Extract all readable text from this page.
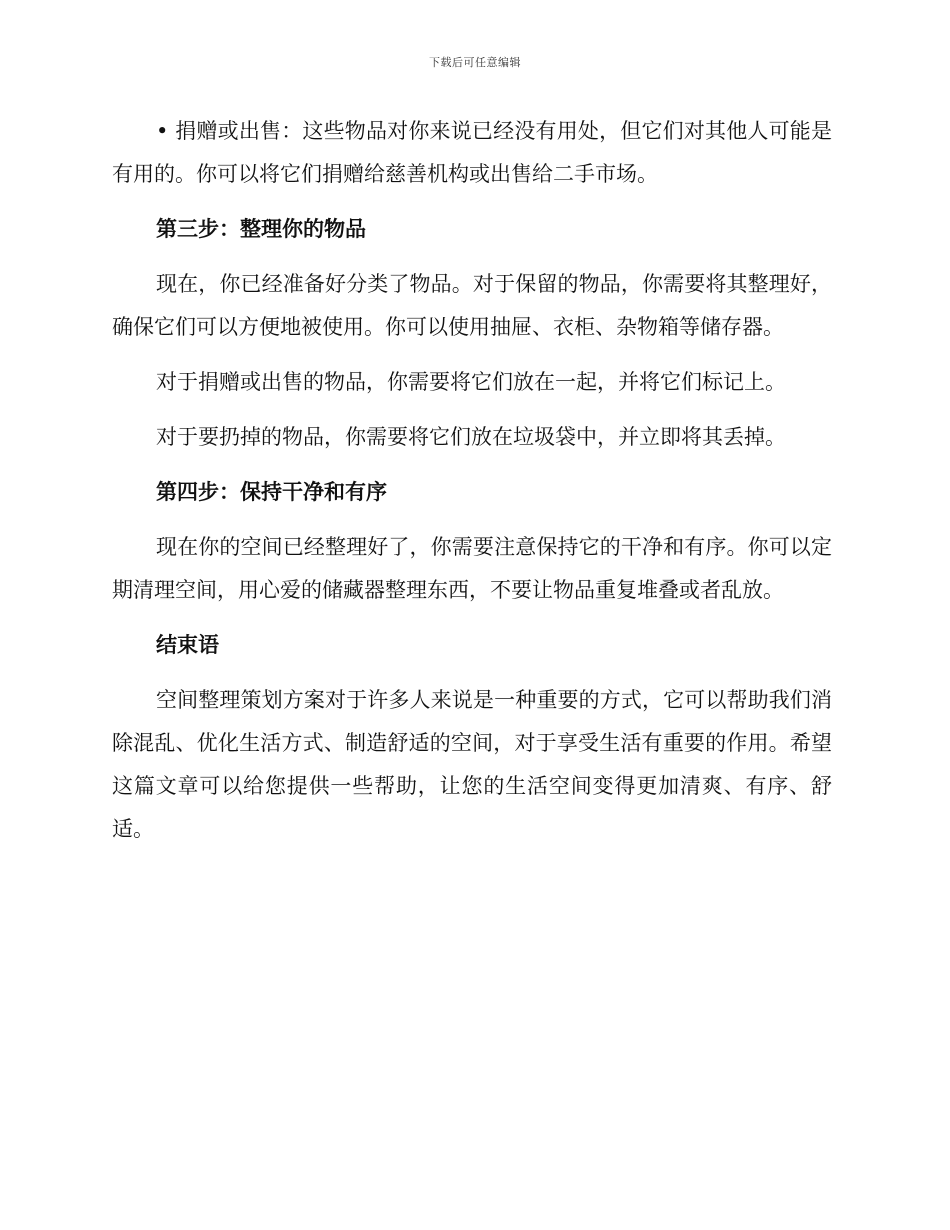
下载后可任意编辑

• 捐赠或出售：这些物品对你来说已经没有用处，但它们对其他人可能是有用的。你可以将它们捐赠给慈善机构或出售给二手市场。

第三步：整理你的物品

现在，你已经准备好分类了物品。对于保留的物品，你需要将其整理好，确保它们可以方便地被使用。你可以使用抽屉、衣柜、杂物箱等储存器。

对于捐赠或出售的物品，你需要将它们放在一起，并将它们标记上。

对于要扔掉的物品，你需要将它们放在垃圾袋中，并立即将其丢掉。

第四步：保持干净和有序

现在你的空间已经整理好了，你需要注意保持它的干净和有序。你可以定期清理空间，用心爱的储藏器整理东西，不要让物品重复堆叠或者乱放。

结束语

空间整理策划方案对于许多人来说是一种重要的方式，它可以帮助我们消除混乱、优化生活方式、制造舒适的空间，对于享受生活有重要的作用。希望这篇文章可以给您提供一些帮助，让您的生活空间变得更加清爽、有序、舒适。
